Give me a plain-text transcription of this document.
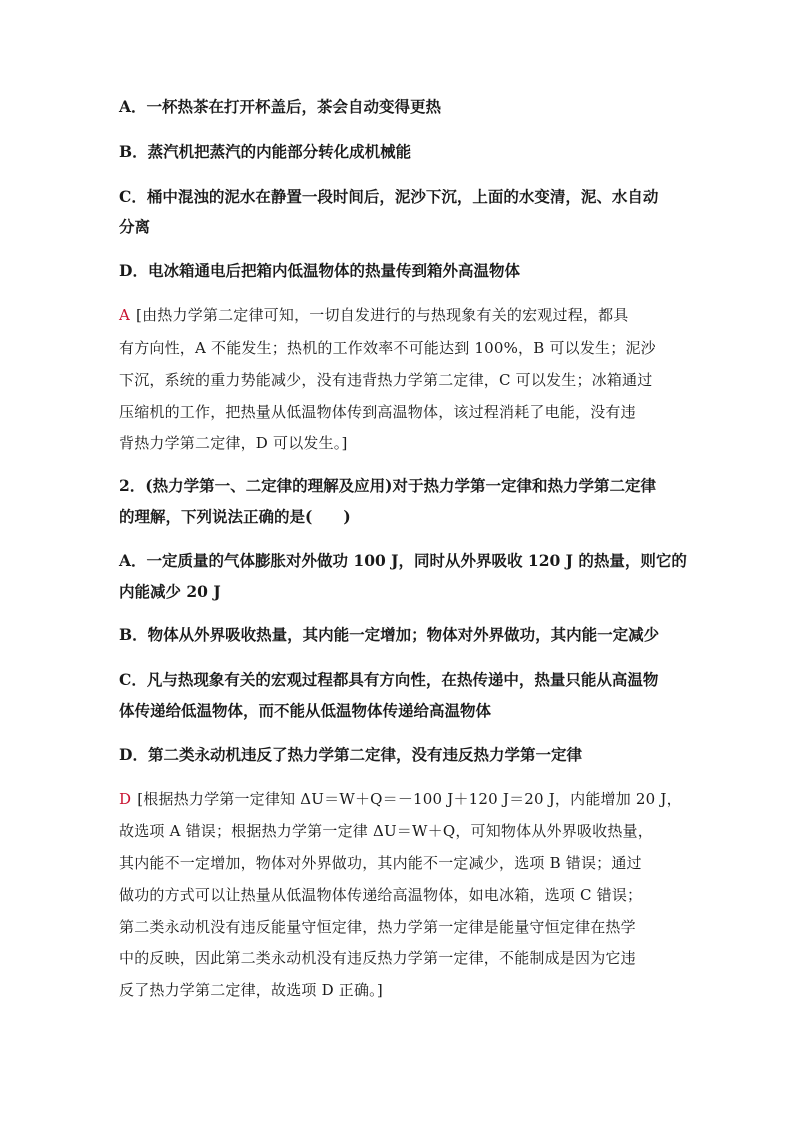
A．一杯热茶在打开杯盖后，茶会自动变得更热

B．蒸汽机把蒸汽的内能部分转化成机械能

C．桶中混浊的泥水在静置一段时间后，泥沙下沉，上面的水变清，泥、水自动

分离

D．电冰箱通电后把箱内低温物体的热量传到箱外高温物体

A [由热力学第二定律可知，一切自发进行的与热现象有关的宏观过程，都具

有方向性，A 不能发生；热机的工作效率不可能达到 100%，B 可以发生；泥沙

下沉，系统的重力势能减少，没有违背热力学第二定律，C 可以发生；冰箱通过

压缩机的工作，把热量从低温物体传到高温物体，该过程消耗了电能，没有违

背热力学第二定律，D 可以发生。]

2．(热力学第一、二定律的理解及应用)对于热力学第一定律和热力学第二定律

的理解，下列说法正确的是(　　)

A．一定质量的气体膨胀对外做功 100 J，同时从外界吸收 120 J 的热量，则它的

内能减少 20 J

B．物体从外界吸收热量，其内能一定增加；物体对外界做功，其内能一定减少

C．凡与热现象有关的宏观过程都具有方向性，在热传递中，热量只能从高温物

体传递给低温物体，而不能从低温物体传递给高温物体

D．第二类永动机违反了热力学第二定律，没有违反热力学第一定律

D [根据热力学第一定律知 ΔU＝W＋Q＝－100 J＋120 J＝20 J，内能增加 20 J，

故选项 A 错误；根据热力学第一定律 ΔU＝W＋Q，可知物体从外界吸收热量，

其内能不一定增加，物体对外界做功，其内能不一定减少，选项 B 错误；通过

做功的方式可以让热量从低温物体传递给高温物体，如电冰箱，选项 C 错误；

第二类永动机没有违反能量守恒定律，热力学第一定律是能量守恒定律在热学

中的反映，因此第二类永动机没有违反热力学第一定律，不能制成是因为它违

反了热力学第二定律，故选项 D 正确。]
